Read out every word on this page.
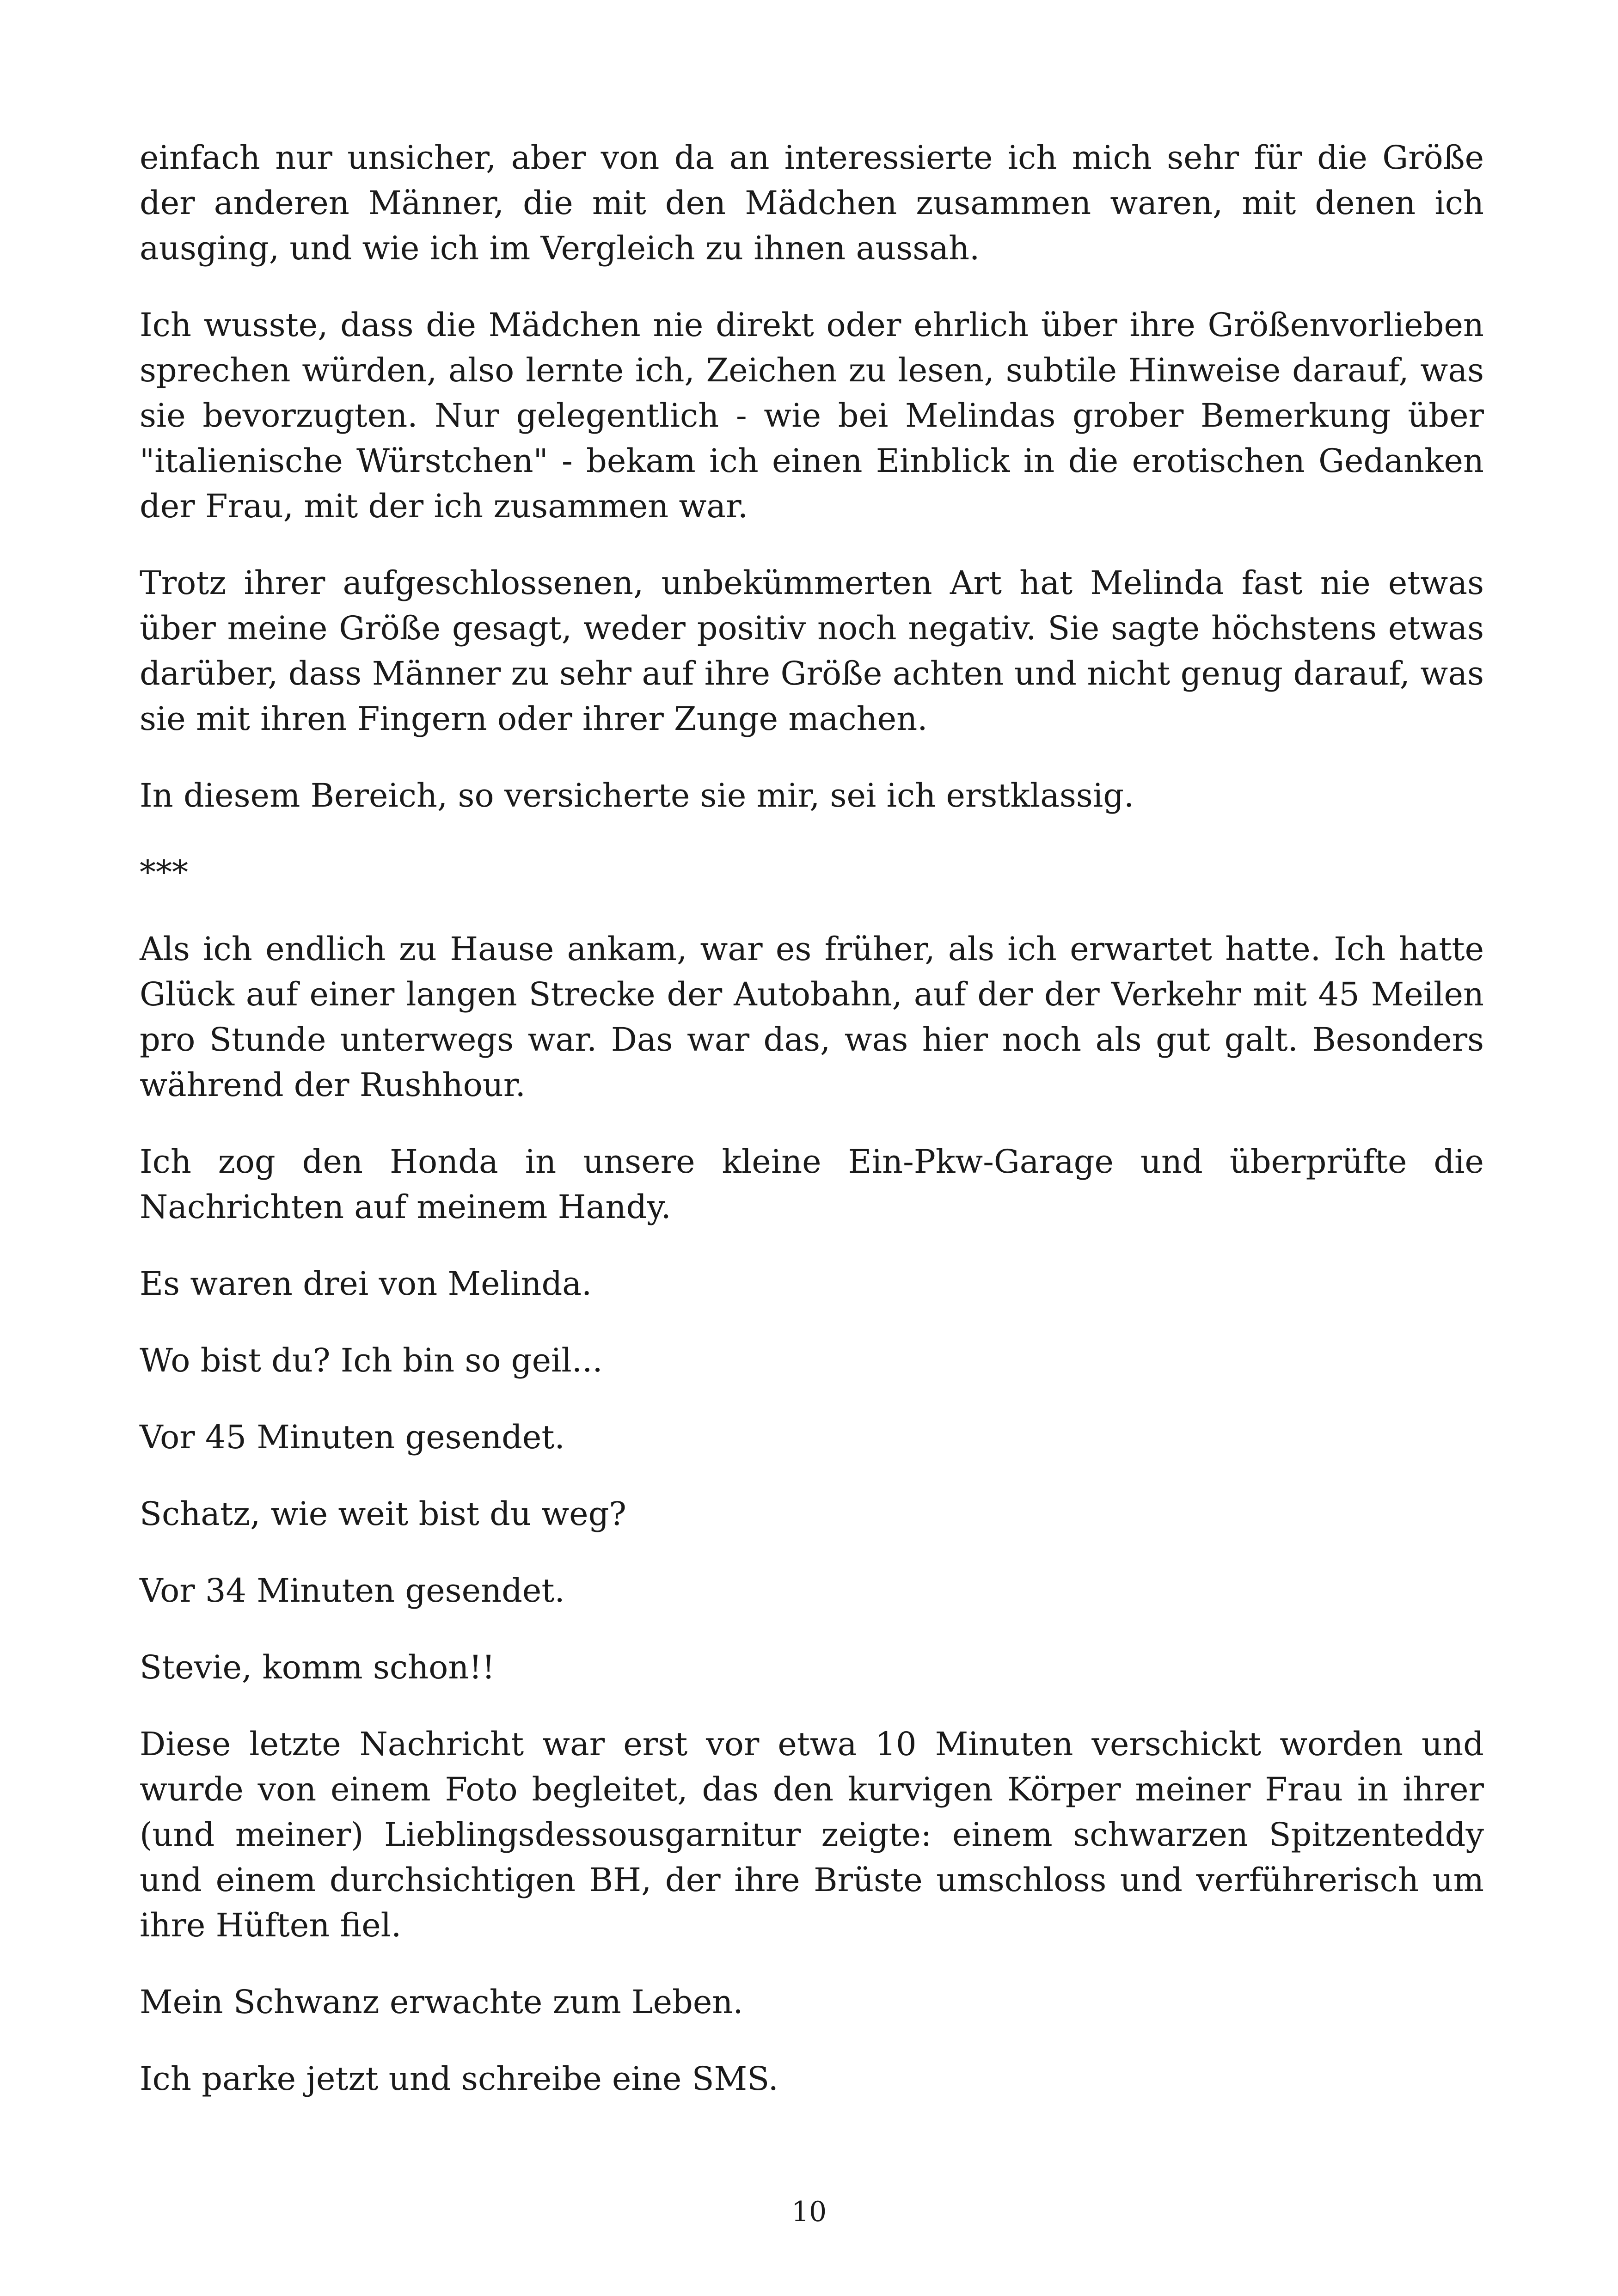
einfach nur unsicher, aber von da an interessierte ich mich sehr für die Größe der anderen Männer, die mit den Mädchen zusammen waren, mit denen ich ausging, und wie ich im Vergleich zu ihnen aussah.

Ich wusste, dass die Mädchen nie direkt oder ehrlich über ihre Größenvorlieben sprechen würden, also lernte ich, Zeichen zu lesen, subtile Hinweise darauf, was sie bevorzugten. Nur gelegentlich - wie bei Melindas grober Bemerkung über "italienische Würstchen" - bekam ich einen Einblick in die erotischen Gedanken der Frau, mit der ich zusammen war.

Trotz ihrer aufgeschlossenen, unbekümmerten Art hat Melinda fast nie etwas über meine Größe gesagt, weder positiv noch negativ. Sie sagte höchstens etwas darüber, dass Männer zu sehr auf ihre Größe achten und nicht genug darauf, was sie mit ihren Fingern oder ihrer Zunge machen.

In diesem Bereich, so versicherte sie mir, sei ich erstklassig.

***

Als ich endlich zu Hause ankam, war es früher, als ich erwartet hatte. Ich hatte Glück auf einer langen Strecke der Autobahn, auf der der Verkehr mit 45 Meilen pro Stunde unterwegs war. Das war das, was hier noch als gut galt. Besonders während der Rushhour.

Ich zog den Honda in unsere kleine Ein-Pkw-Garage und überprüfte die Nachrichten auf meinem Handy.

Es waren drei von Melinda.

Wo bist du? Ich bin so geil...

Vor 45 Minuten gesendet.

Schatz, wie weit bist du weg?

Vor 34 Minuten gesendet.

Stevie, komm schon!!

Diese letzte Nachricht war erst vor etwa 10 Minuten verschickt worden und wurde von einem Foto begleitet, das den kurvigen Körper meiner Frau in ihrer (und meiner) Lieblingsdessousgarnitur zeigte: einem schwarzen Spitzenteddy und einem durchsichtigen BH, der ihre Brüste umschloss und verführerisch um ihre Hüften fiel.

Mein Schwanz erwachte zum Leben.

Ich parke jetzt und schreibe eine SMS.

10
